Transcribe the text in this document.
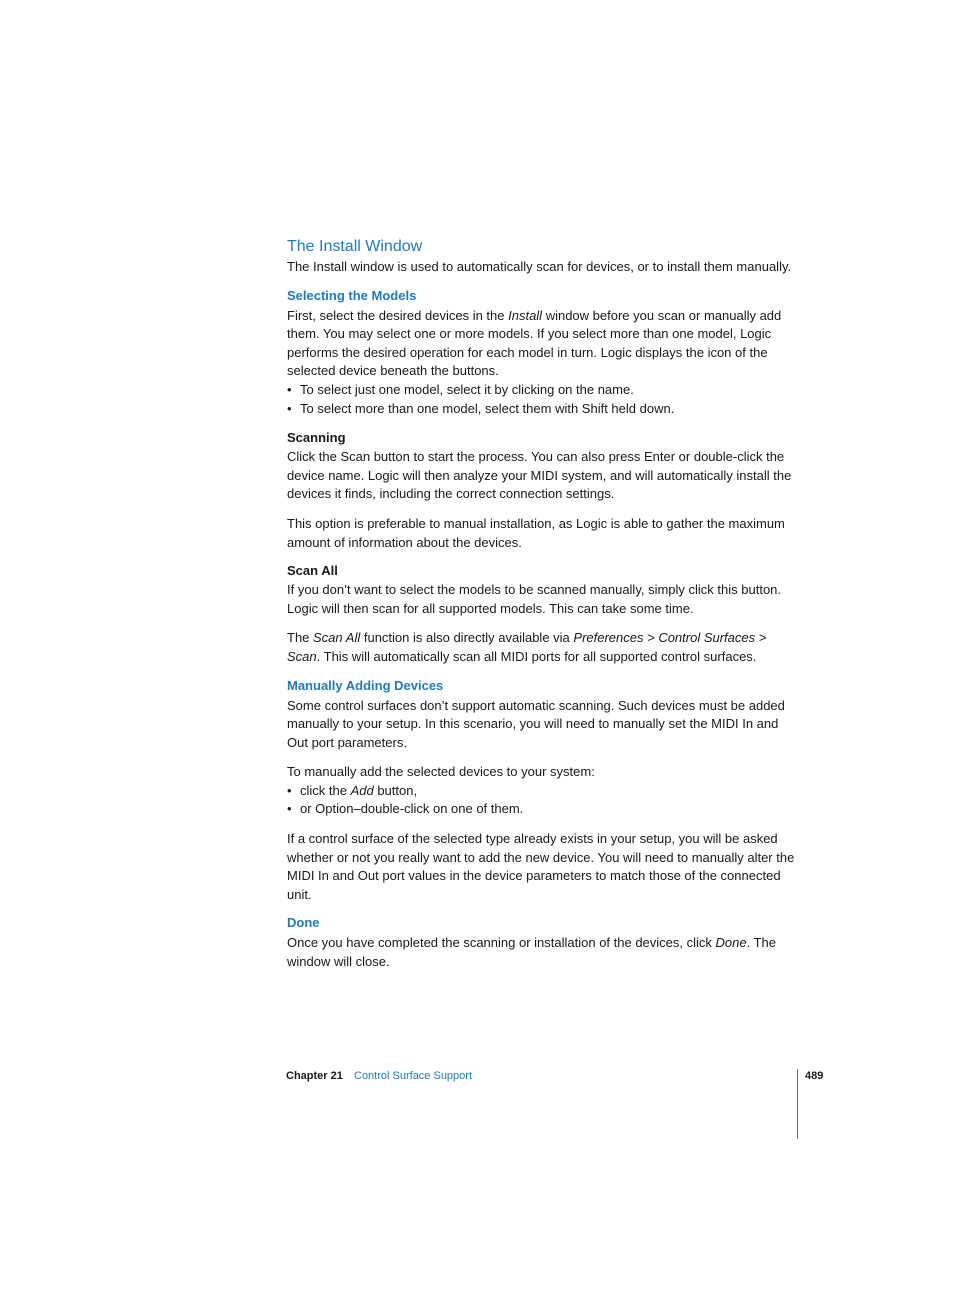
The Install Window

The Install window is used to automatically scan for devices, or to install them manually.

Selecting the Models

First, select the desired devices in the Install window before you scan or manually add them. You may select one or more models. If you select more than one model, Logic performs the desired operation for each model in turn. Logic displays the icon of the selected device beneath the buttons.

• To select just one model, select it by clicking on the name.
• To select more than one model, select them with Shift held down.
Scanning

Click the Scan button to start the process. You can also press Enter or double-click the device name. Logic will then analyze your MIDI system, and will automatically install the devices it finds, including the correct connection settings.

This option is preferable to manual installation, as Logic is able to gather the maximum amount of information about the devices.

Scan All

If you don’t want to select the models to be scanned manually, simply click this button. Logic will then scan for all supported models. This can take some time.

The Scan All function is also directly available via Preferences > Control Surfaces > Scan. This will automatically scan all MIDI ports for all supported control surfaces.

Manually Adding Devices

Some control surfaces don’t support automatic scanning. Such devices must be added manually to your setup. In this scenario, you will need to manually set the MIDI In and Out port parameters.

To manually add the selected devices to your system:

• click the Add button,
• or Option–double-click on one of them.

If a control surface of the selected type already exists in your setup, you will be asked whether or not you really want to add the new device. You will need to manually alter the MIDI In and Out port values in the device parameters to match those of the connected unit.

Done

Once you have completed the scanning or installation of the devices, click Done. The window will close.

Chapter 21 Control Surface Support	489
